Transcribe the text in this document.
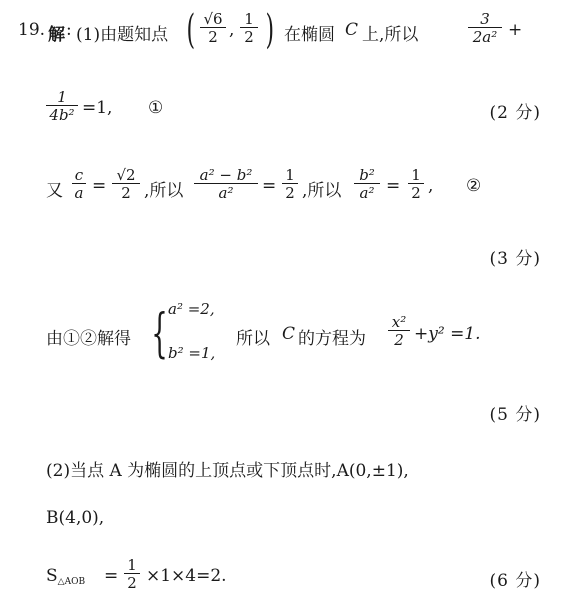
19. 解 : (1)由题知点 ( $\frac{√6}{2}$ , $\frac{1}{2}$ ) 在椭圆 C 上,所以	$\frac{3}{\text{2a²}}$ +
$\frac{1}{\text{4b²}} =1$, ①	(2 分)
又 $\frac{c}{a} = \frac{√2}{2}$ ,所以 $\frac{\text{a² − b²}}{\text{a²}} = \frac{1}{2}$ ,所以 $\frac{\text{b²}}{\text{a²}} = \frac{1}{2}$ , ②
(3 分)
由①②解得 { a² =2,
b² =1,
所以 C 的方程为 $\frac{\text{x²}}{2} +y^2 =1$.
(5 分)
(2)当点 A 为椭圆的上顶点或下顶点时,A(0,±1),
B(4,0),
$S_{\triangle AOB} = \frac{1}{2} \times 1\times 4=2$.	(6 分)
